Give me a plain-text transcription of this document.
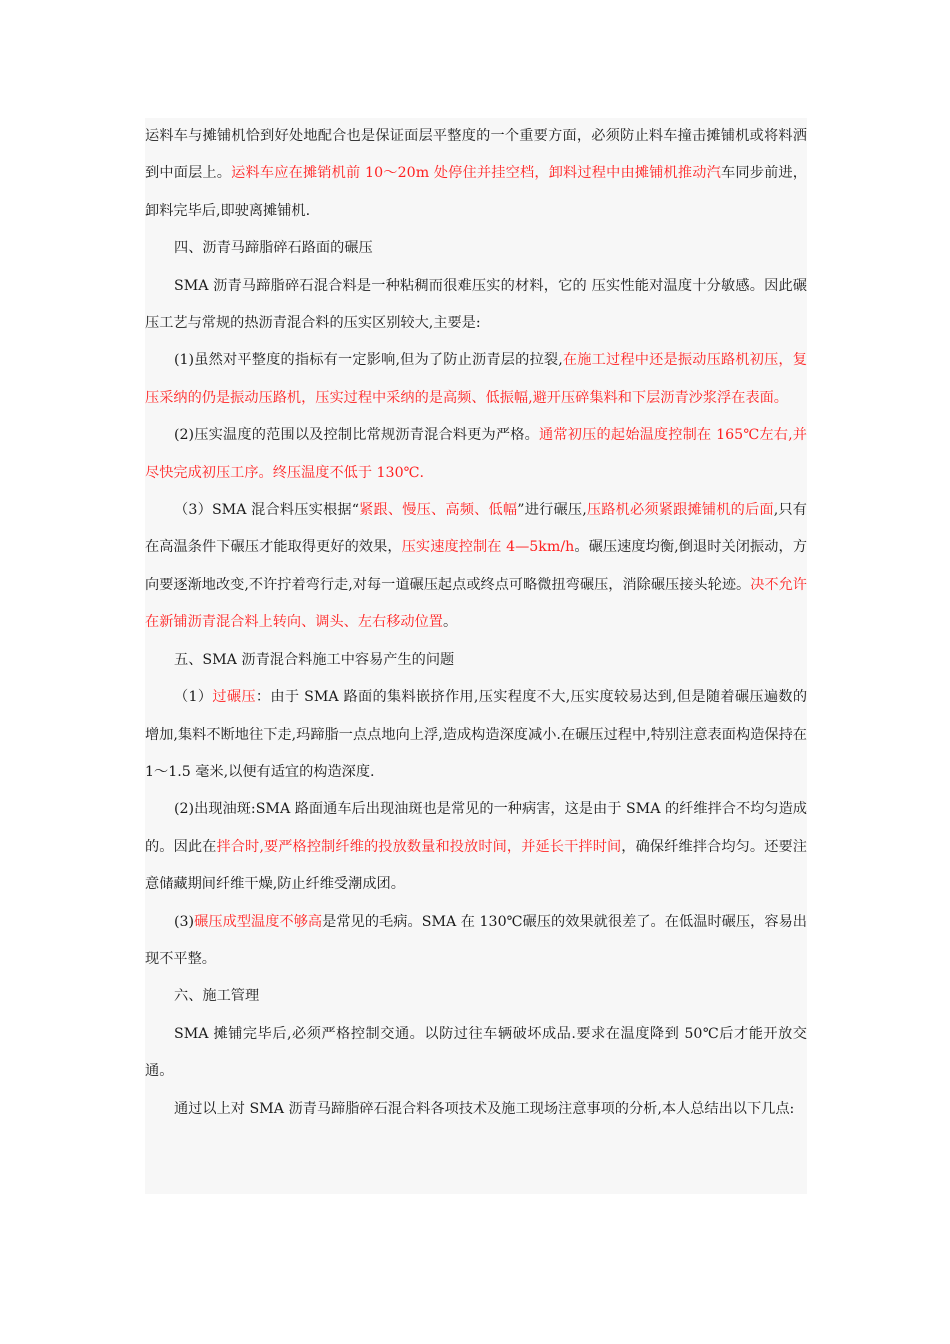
运料车与摊铺机恰到好处地配合也是保证面层平整度的一个重要方面，必须防止料车撞击摊铺机或将料洒到中面层上。运料车应在摊销机前 10～20m 处停住并挂空档，卸料过程中由摊铺机推动汽车同步前进，卸料完毕后,即驶离摊铺机.

四、沥青马蹄脂碎石路面的碾压

SMA 沥青马蹄脂碎石混合料是一种粘稠而很难压实的材料，它的 压实性能对温度十分敏感。因此碾压工艺与常规的热沥青混合料的压实区别较大,主要是:

(1)虽然对平整度的指标有一定影响,但为了防止沥青层的拉裂,在施工过程中还是振动压路机初压，复压采纳的仍是振动压路机，压实过程中采纳的是高频、低振幅,避开压碎集料和下层沥青沙浆浮在表面。

(2)压实温度的范围以及控制比常规沥青混合料更为严格。通常初压的起始温度控制在 165℃左右,并尽快完成初压工序。终压温度不低于 130℃.

（3）SMA 混合料压实根据“紧跟、慢压、高频、低幅”进行碾压,压路机必须紧跟摊铺机的后面,只有在高温条件下碾压才能取得更好的效果，压实速度控制在 4—5km/h。碾压速度均衡,倒退时关闭振动，方向要逐渐地改变,不许拧着弯行走,对每一道碾压起点或终点可略微扭弯碾压，消除碾压接头轮迹。决不允许在新铺沥青混合料上转向、调头、左右移动位置。

五、SMA 沥青混合料施工中容易产生的问题

（1）过碾压：由于 SMA 路面的集料嵌挤作用,压实程度不大,压实度较易达到,但是随着碾压遍数的增加,集料不断地往下走,玛蹄脂一点点地向上浮,造成构造深度减小.在碾压过程中,特别注意表面构造保持在 1～1.5 毫米,以便有适宜的构造深度.

(2)出现油斑:SMA 路面通车后出现油斑也是常见的一种病害，这是由于 SMA 的纤维拌合不均匀造成的。因此在拌合时,要严格控制纤维的投放数量和投放时间，并延长干拌时间，确保纤维拌合均匀。还要注意储藏期间纤维干燥,防止纤维受潮成团。

(3)碾压成型温度不够高是常见的毛病。SMA 在 130℃碾压的效果就很差了。在低温时碾压，容易出现不平整。

六、施工管理

SMA 摊铺完毕后,必须严格控制交通。以防过往车辆破坏成品.要求在温度降到 50℃后才能开放交通。

通过以上对 SMA 沥青马蹄脂碎石混合料各项技术及施工现场注意事项的分析,本人总结出以下几点:
